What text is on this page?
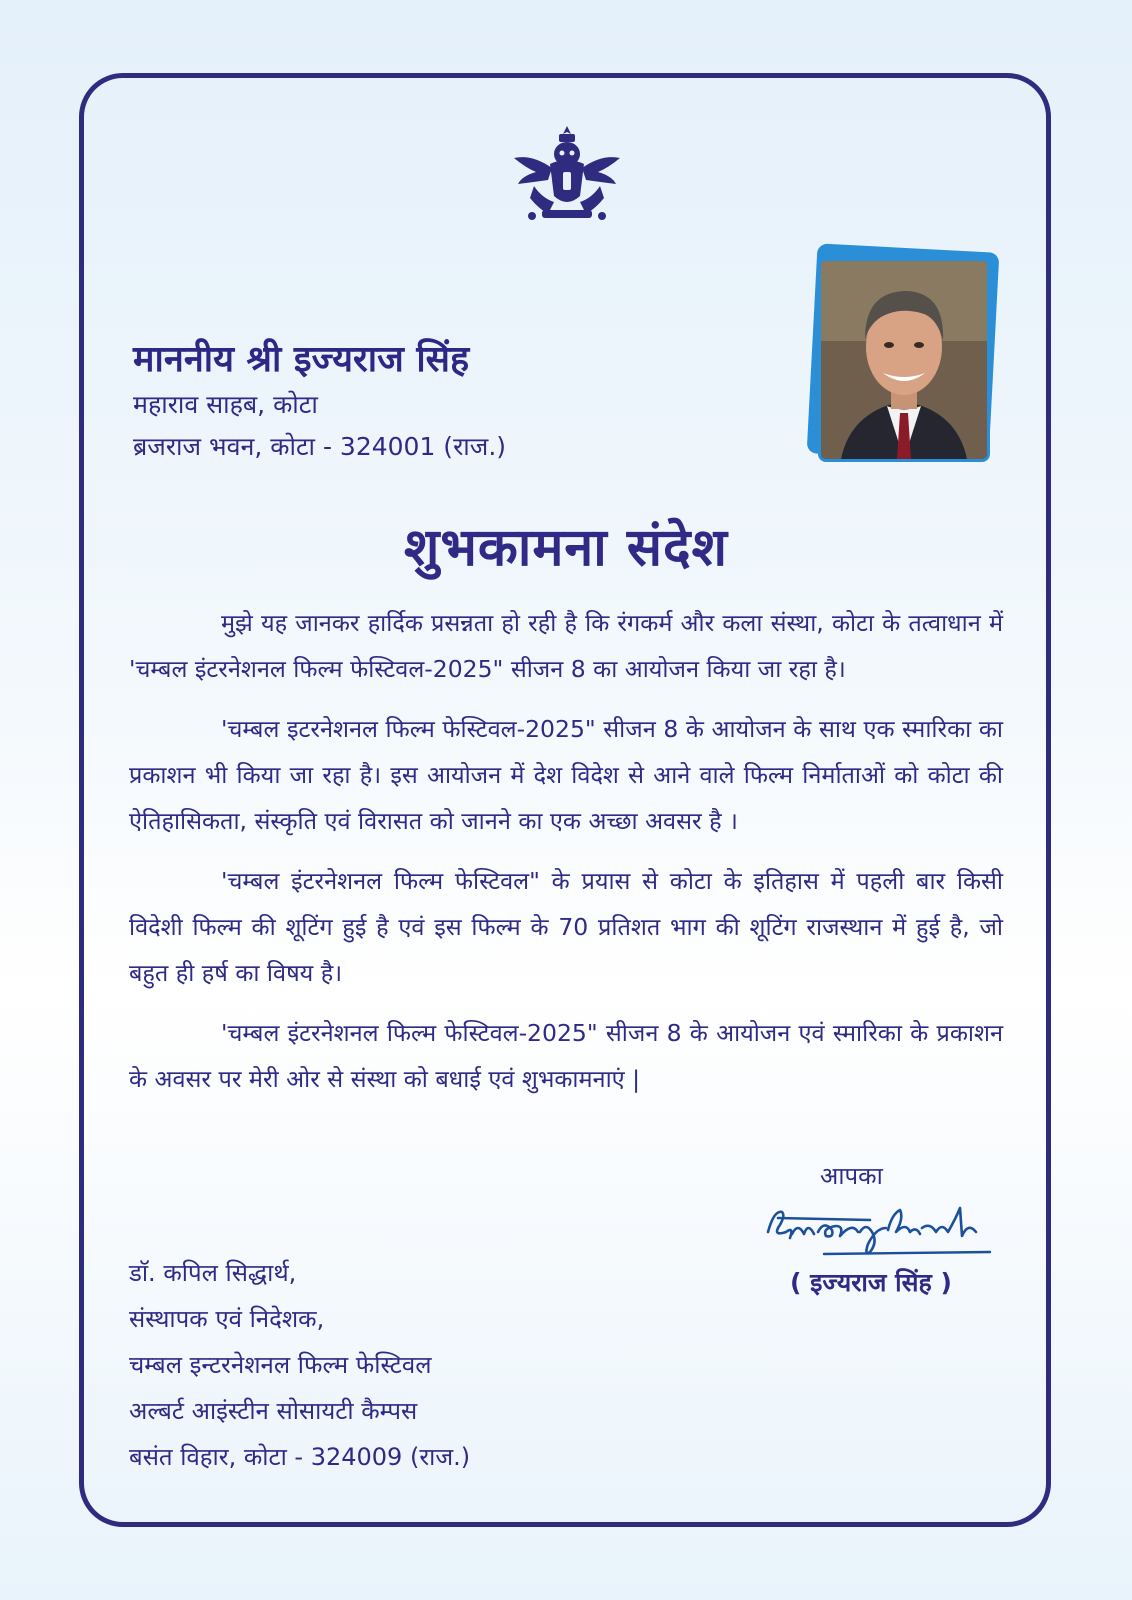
माननीय श्री इज्यराज सिंह

महाराव साहब, कोटा

ब्रजराज भवन, कोटा - 324001 (राज.)

शुभकामना संदेश

मुझे यह जानकर हार्दिक प्रसन्नता हो रही है कि रंगकर्म और कला संस्था, कोटा के तत्वाधान में 'चम्बल इंटरनेशनल फिल्म फेस्टिवल-2025" सीजन 8 का आयोजन किया जा रहा है।

'चम्बल इटरनेशनल फिल्म फेस्टिवल-2025" सीजन 8 के आयोजन के साथ एक स्मारिका का प्रकाशन भी किया जा रहा है। इस आयोजन में देश विदेश से आने वाले फिल्म निर्माताओं को कोटा की ऐतिहासिकता, संस्कृति एवं विरासत को जानने का एक अच्छा अवसर है ।

'चम्बल इंटरनेशनल फिल्म फेस्टिवल" के प्रयास से कोटा के इतिहास में पहली बार किसी विदेशी फिल्म की शूटिंग हुई है एवं इस फिल्म के 70 प्रतिशत भाग की शूटिंग राजस्थान में हुई है, जो बहुत ही हर्ष का विषय है।

'चम्बल इंटरनेशनल फिल्म फेस्टिवल-2025" सीजन 8 के आयोजन एवं स्मारिका के प्रकाशन के अवसर पर मेरी ओर से संस्था को बधाई एवं शुभकामनाएं |

आपका
( इज्यराज सिंह )

डाॅ. कपिल सिद्धार्थ,

संस्थापक एवं निदेशक,

चम्बल इन्टरनेशनल फिल्म फेस्टिवल

अल्बर्ट आइंस्टीन सोसायटी कैम्पस

बसंत विहार, कोटा - 324009 (राज.)
